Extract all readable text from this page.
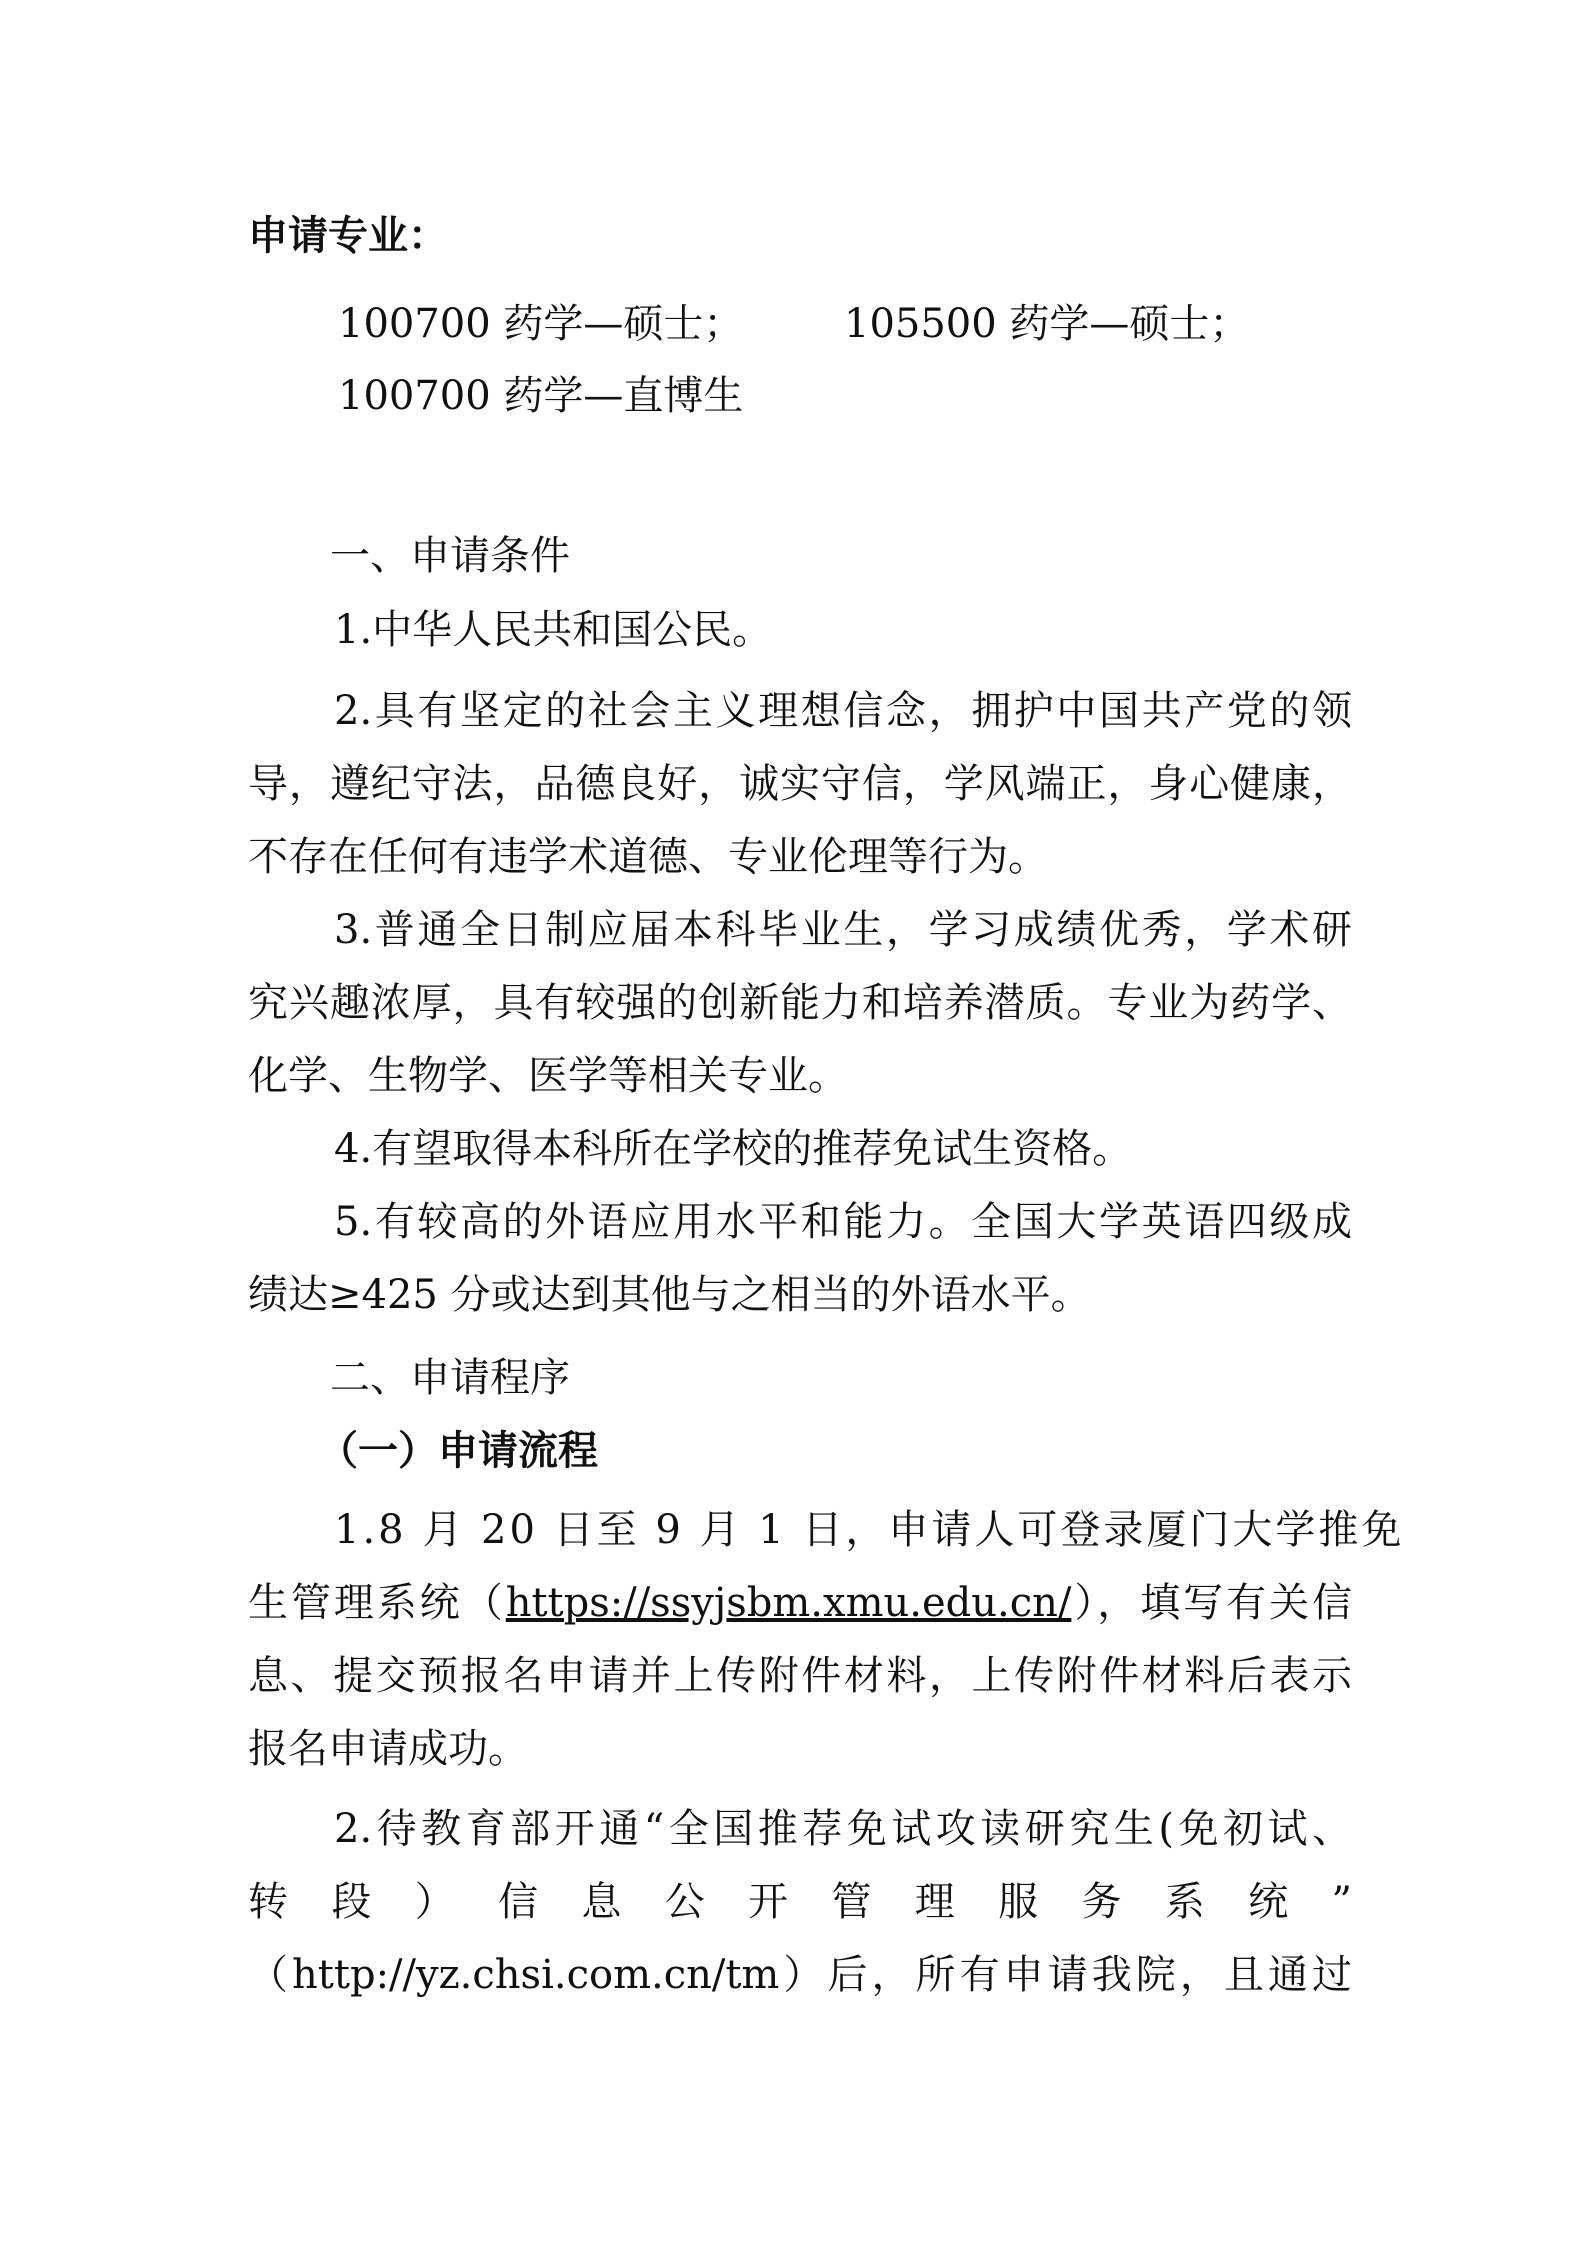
申请专业：
100700 药学—硕士；	105500 药学—硕士；
100700 药学—直博生
一、申请条件
1.中华人民共和国公民。
2.具有坚定的社会主义理想信念，拥护中国共产党的领
导，遵纪守法，品德良好，诚实守信，学风端正，身心健康，
不存在任何有违学术道德、专业伦理等行为。
3.普通全日制应届本科毕业生，学习成绩优秀，学术研
究兴趣浓厚，具有较强的创新能力和培养潜质。专业为药学、
化学、生物学、医学等相关专业。
4.有望取得本科所在学校的推荐免试生资格。
5.有较高的外语应用水平和能力。全国大学英语四级成
绩达≥425 分或达到其他与之相当的外语水平。
二、申请程序
（一）申请流程
1.8 月 20 日至 9 月 1 日，申请人可登录厦门大学推免
生管理系统（https://ssyjsbm.xmu.edu.cn/），填写有关信
息、提交预报名申请并上传附件材料，上传附件材料后表示
报名申请成功。
2.待教育部开通“全国推荐免试攻读研究生(免初试、
转 段 ） 信 息 公 开 管 理 服 务 系 统 ”
（http://yz.chsi.com.cn/tm）后，所有申请我院，且通过
